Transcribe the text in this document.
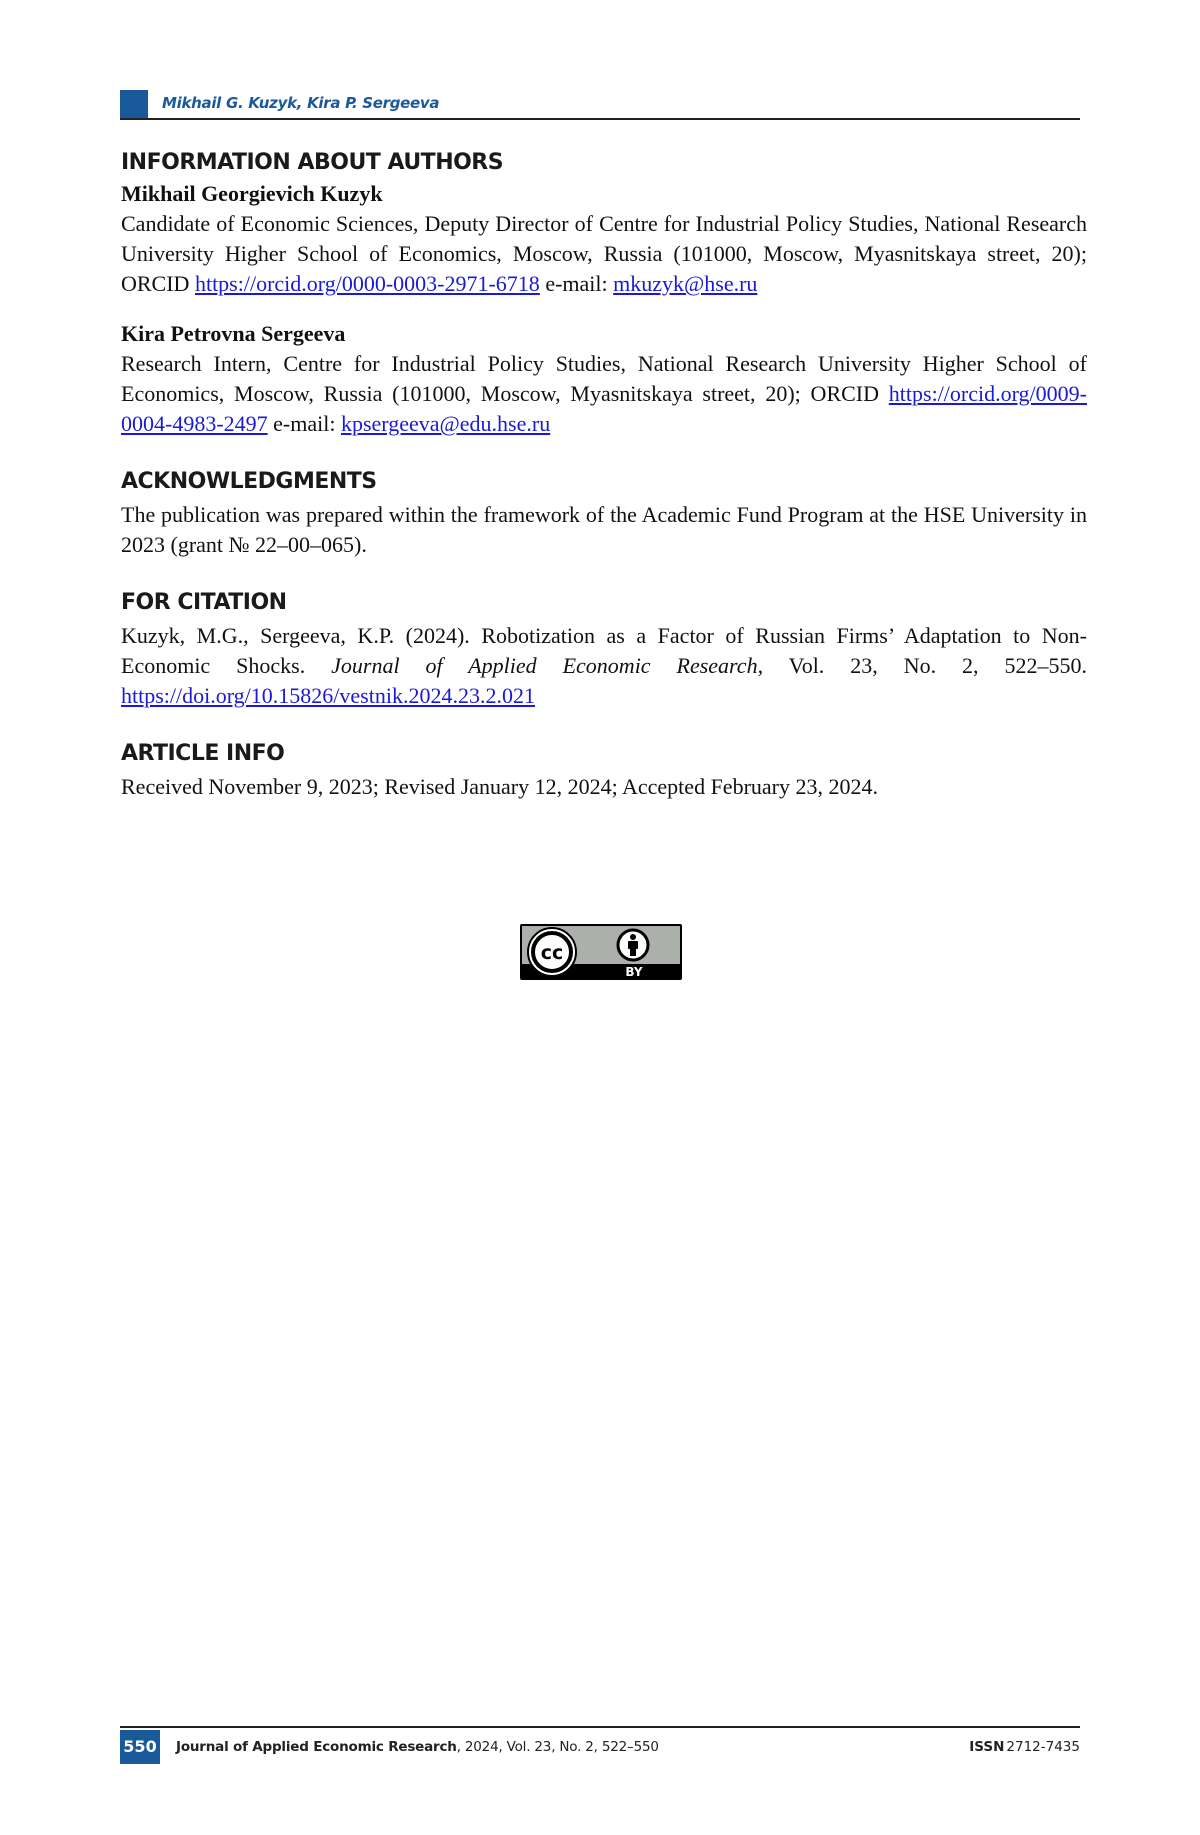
Mikhail G. Kuzyk, Kira P. Sergeeva
INFORMATION ABOUT AUTHORS
Mikhail Georgievich Kuzyk

Candidate of Economic Sciences, Deputy Director of Centre for Industrial Policy Studies, National Research University Higher School of Economics, Moscow, Russia (101000, Moscow, Myasnitskaya street, 20); ORCID https://orcid.org/0000-0003-2971-6718 e-mail: mkuzyk@hse.ru

Kira Petrovna Sergeeva

Research Intern, Centre for Industrial Policy Studies, National Research University Higher School of Economics, Moscow, Russia (101000, Moscow, Myasnitskaya street, 20); ORCID https://orcid.org/0009-0004-4983-2497 e-mail: kpsergeeva@edu.hse.ru

ACKNOWLEDGMENTS

The publication was prepared within the framework of the Academic Fund Program at the HSE University in 2023 (grant № 22–00–065).

FOR CITATION

Kuzyk, M.G., Sergeeva, K.P. (2024). Robotization as a Factor of Russian Firms’ Adaptation to Non-Economic Shocks. Journal of Applied Economic Research, Vol. 23, No. 2, 522–550. https://doi.org/10.15826/vestnik.2024.23.2.021

ARTICLE INFO

Received November 9, 2023; Revised January 12, 2024; Accepted February 23, 2024.

cc
BY
550 Journal of Applied Economic Research, 2024, Vol. 23, No. 2, 522–550	ISSN 2712-7435
